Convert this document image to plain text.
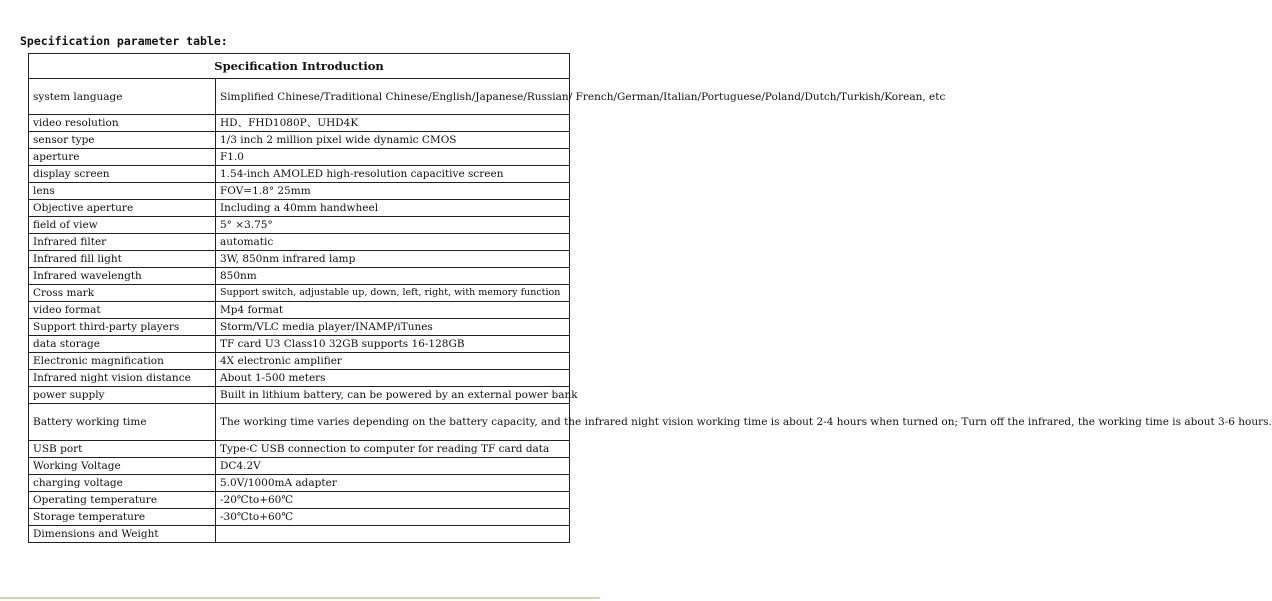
Specification parameter table:
Specification Introduction	
system language	Simplified Chinese/Traditional Chinese/English/Japanese/Russian/ French/German/Italian/Portuguese/Poland/Dutch/Turkish/Korean, etc
video resolution	HD、FHD1080P、UHD4K
sensor type	1/3 inch 2 million pixel wide dynamic CMOS
aperture	F1.0
display screen	1.54-inch AMOLED high-resolution capacitive screen
lens	FOV=1.8° 25mm
Objective aperture	Including a 40mm handwheel
field of view	5° ×3.75°
Infrared filter	automatic
Infrared fill light	3W, 850nm infrared lamp
Infrared wavelength	850nm
Cross mark	Support switch, adjustable up, down, left, right, with memory function
video format	Mp4 format
Support third-party players	Storm/VLC media player/INAMP/iTunes
data storage	TF card U3 Class10 32GB supports 16-128GB
Electronic magnification	4X electronic amplifier
Infrared night vision distance	About 1-500 meters
power supply	Built in lithium battery, can be powered by an external power bank
Battery working time	The working time varies depending on the battery capacity, and the infrared night vision working time is about 2-4 hours when turned on; Turn off the infrared, the working time is about 3-6 hours.
USB port	Type-C USB connection to computer for reading TF card data
Working Voltage	DC4.2V
charging voltage	5.0V/1000mA adapter
Operating temperature	-20℃to+60℃
Storage temperature	-30℃to+60℃
Dimensions and Weight	
